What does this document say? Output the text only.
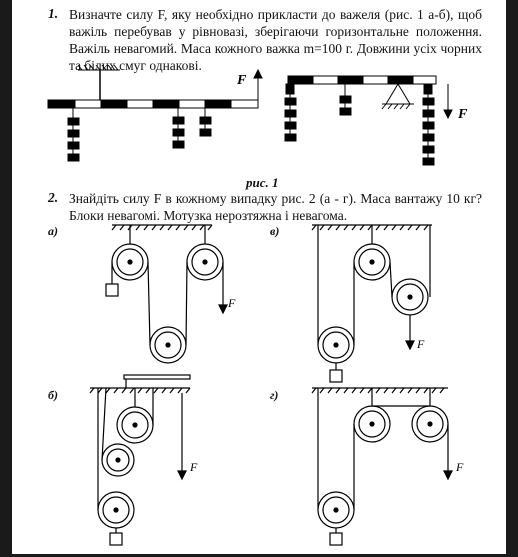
1. Визначте силу F, яку необхідно прикласти до важеля (рис. 1 а-б), щоб важіль перебував у рівновазі, зберігаючи горизонтальне положення. Важіль невагомий. Маса кожного важка m=100 г. Довжини усіх чорних та білих смуг однакові.
F
F
рис. 1
2. Знайдіть силу F в кожному випадку рис. 2 (а - г). Маса вантажу 10 кг? Блоки невагомі. Мотузка нерозтяжна і невагома.
а)	в)
б)	г)
F
F
F	F
